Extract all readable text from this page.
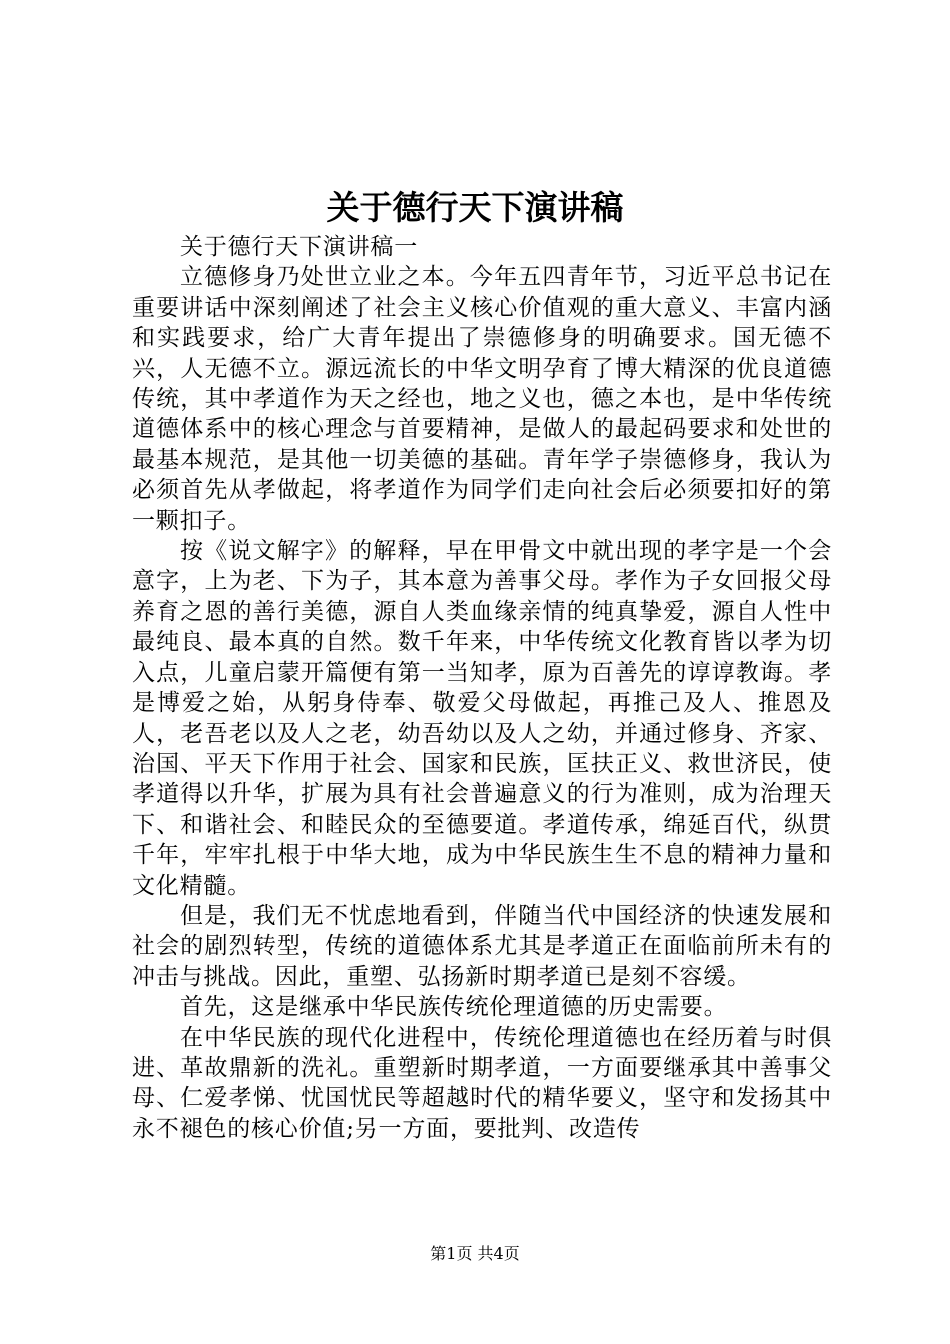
关于德行天下演讲稿

关于德行天下演讲稿一

立德修身乃处世立业之本。今年五四青年节，习近平总书记在重要讲话中深刻阐述了社会主义核心价值观的重大意义、丰富内涵和实践要求，给广大青年提出了崇德修身的明确要求。国无德不兴，人无德不立。源远流长的中华文明孕育了博大精深的优良道德传统，其中孝道作为天之经也，地之义也，德之本也，是中华传统道德体系中的核心理念与首要精神，是做人的最起码要求和处世的最基本规范，是其他一切美德的基础。青年学子崇德修身，我认为必须首先从孝做起，将孝道作为同学们走向社会后必须要扣好的第一颗扣子。

按《说文解字》的解释，早在甲骨文中就出现的孝字是一个会意字，上为老、下为子，其本意为善事父母。孝作为子女回报父母养育之恩的善行美德，源自人类血缘亲情的纯真挚爱，源自人性中最纯良、最本真的自然。数千年来，中华传统文化教育皆以孝为切入点，儿童启蒙开篇便有第一当知孝，原为百善先的谆谆教诲。孝是博爱之始，从躬身侍奉、敬爱父母做起，再推己及人、推恩及人，老吾老以及人之老，幼吾幼以及人之幼，并通过修身、齐家、治国、平天下作用于社会、国家和民族，匡扶正义、救世济民，使孝道得以升华，扩展为具有社会普遍意义的行为准则，成为治理天下、和谐社会、和睦民众的至德要道。孝道传承，绵延百代，纵贯千年，牢牢扎根于中华大地，成为中华民族生生不息的精神力量和文化精髓。

但是，我们无不忧虑地看到，伴随当代中国经济的快速发展和社会的剧烈转型，传统的道德体系尤其是孝道正在面临前所未有的冲击与挑战。因此，重塑、弘扬新时期孝道已是刻不容缓。

首先，这是继承中华民族传统伦理道德的历史需要。

在中华民族的现代化进程中，传统伦理道德也在经历着与时俱进、革故鼎新的洗礼。重塑新时期孝道，一方面要继承其中善事父母、仁爱孝悌、忧国忧民等超越时代的精华要义，坚守和发扬其中永不褪色的核心价值;另一方面，要批判、改造传

第1页 共4页
